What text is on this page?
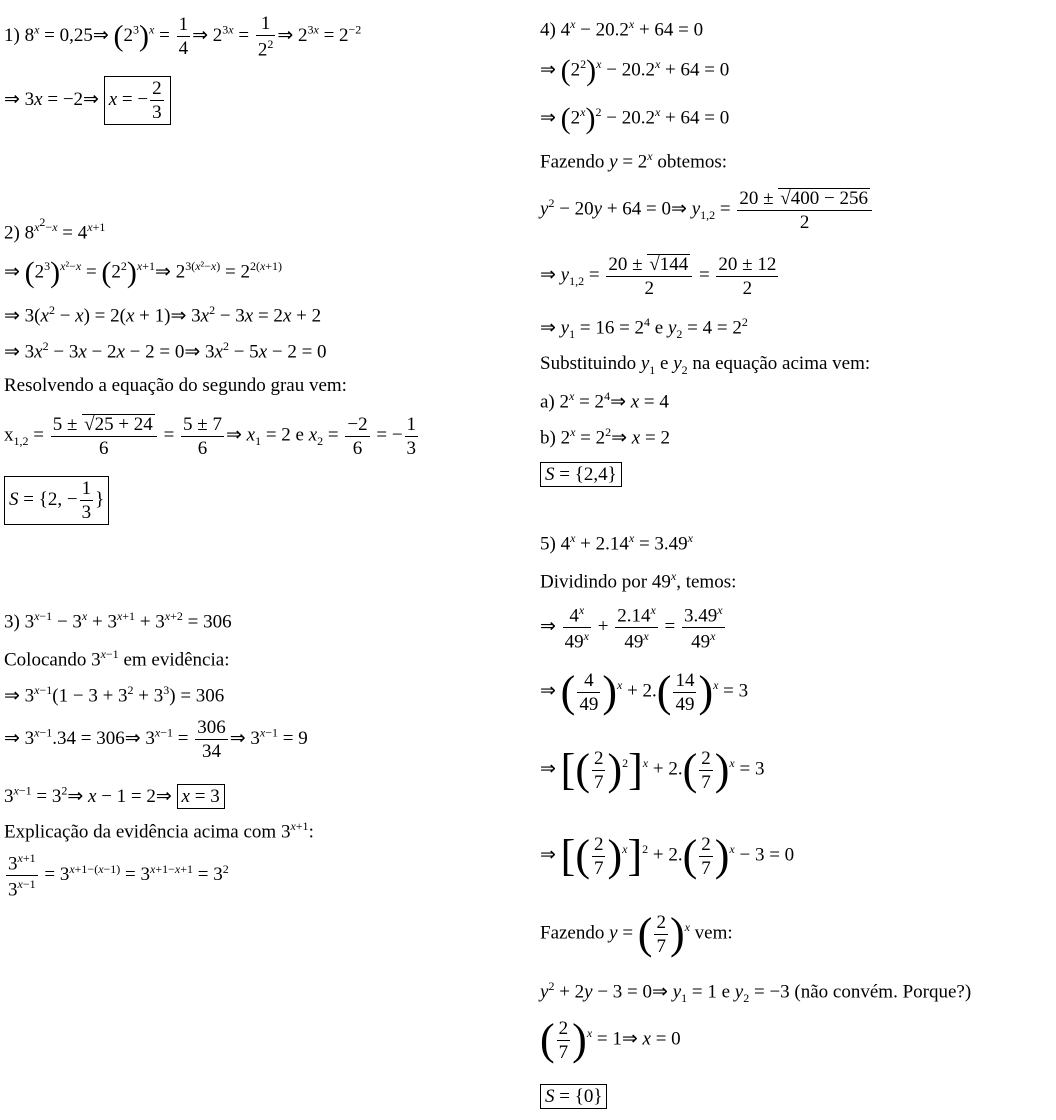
1) $8^x$ = 0,25⇒ $(2^3)^x = \frac{1}{4}$ ⇒ $2^{3x} = \frac{1}{2^2}$ ⇒ $2^{3x} = 2^{-2}$
⇒ 3x = −2⇒ x = − $\frac{2}{3}$
2) $8^{x^2-x} = 4^{x+1}$
⇒ $(2^3)^{x^2-x}$ = $(2^2)^{x+1}\Rightarrow$ $2^{3(x^2-x)} = 2^{2(x+1)}$
⇒ $3(x^2 - x) = 2(x$ + 1)⇒ $3x^2 - 3x = 2x + 2$
⇒ $3x^2 - 3x - 2x - 2$ = 0⇒ $3x^2 - 5x - 2 = 0$
Resolvendo a equação do segundo grau vem:
$x_{1,2} = \frac{5 \pm √25 + 24}{6} = \frac{5 \pm 7}{6}$ ⇒ $x_1 = 2$ e $x_2 = \frac{-2}{6}$ = − $\frac{1}{3}$
S = {2, − $\frac{1}{3}$ }
3) $3^{x-1} - 3^x + 3^{x+1} + 3^{x+2} = 306$
Colocando $3^{x-1}$ em evidência:
⇒ $3^{x-1}(1 - 3 + 3^2 + 3^3) = 306$
⇒ $3^{x-1}.34$ = 306⇒ $3^{x-1} = \frac{306}{34}$ ⇒ $3^{x-1} = 9$
$3^{x-1}$ = $3^2\Rightarrow$ x − 1 = 2⇒ x = 3
Explicação da evidência acima com $3^{x+1}$:
$\frac{3^{x+1}}{3^{x-1}} = 3^{x+1-(x-1)} = 3^{x+1-x+1} = 3^2$
4) $4^x - 20.2^x + 64 = 0$
⇒ $(2^2)^x - 20.2^x + 64 = 0$
⇒ $(2^x)^2 - 20.2^x + 64 = 0$
Fazendo $y = 2^x$ obtemos:
$y^2 - 20y + 64$ = 0⇒ $y_{1,2} = \frac{20 \pm √400 - 256}{2}$
⇒ $y_{1,2} = \frac{20 \pm √144}{2} = \frac{20 \pm 12}{2}$
⇒ $y_1 = 16 = 2^4$ e $y_2 = 4 = 2^2$
Substituindo $y_1$ e $y_2$ na equação acima vem:
a) $2^x$ = $2^4\Rightarrow$ x = 4
b) $2^x$ = $2^2\Rightarrow$ x = 2
S = {2,4}
5) $4^x + 2.14^x = 3.49^x$
Dividindo por 49$^x$, temos:
⇒ $\frac{4^x}{49^x} + \frac{2.14^x}{49^x} = \frac{3.49^x}{49^x}$
⇒ ( $\frac{4}{49} )^x + 2.( \frac{14}{49} )^x = 3$
⇒ [( $\frac{2}{7} )^2]^x + 2.( \frac{2}{7} )^x = 3$
⇒ [( $\frac{2}{7} )^x]^2 + 2.( \frac{2}{7} )^x - 3 = 0$
Fazendo y = ( $\frac{2}{7} )^x$ vem:
$y^2 + 2y - 3$ = 0⇒ $y_1 = 1$ e $y_2 = -3$ (não convém. Porque?)
( $\frac{2}{7} )^x$ = 1⇒ x = 0
S = {0}
